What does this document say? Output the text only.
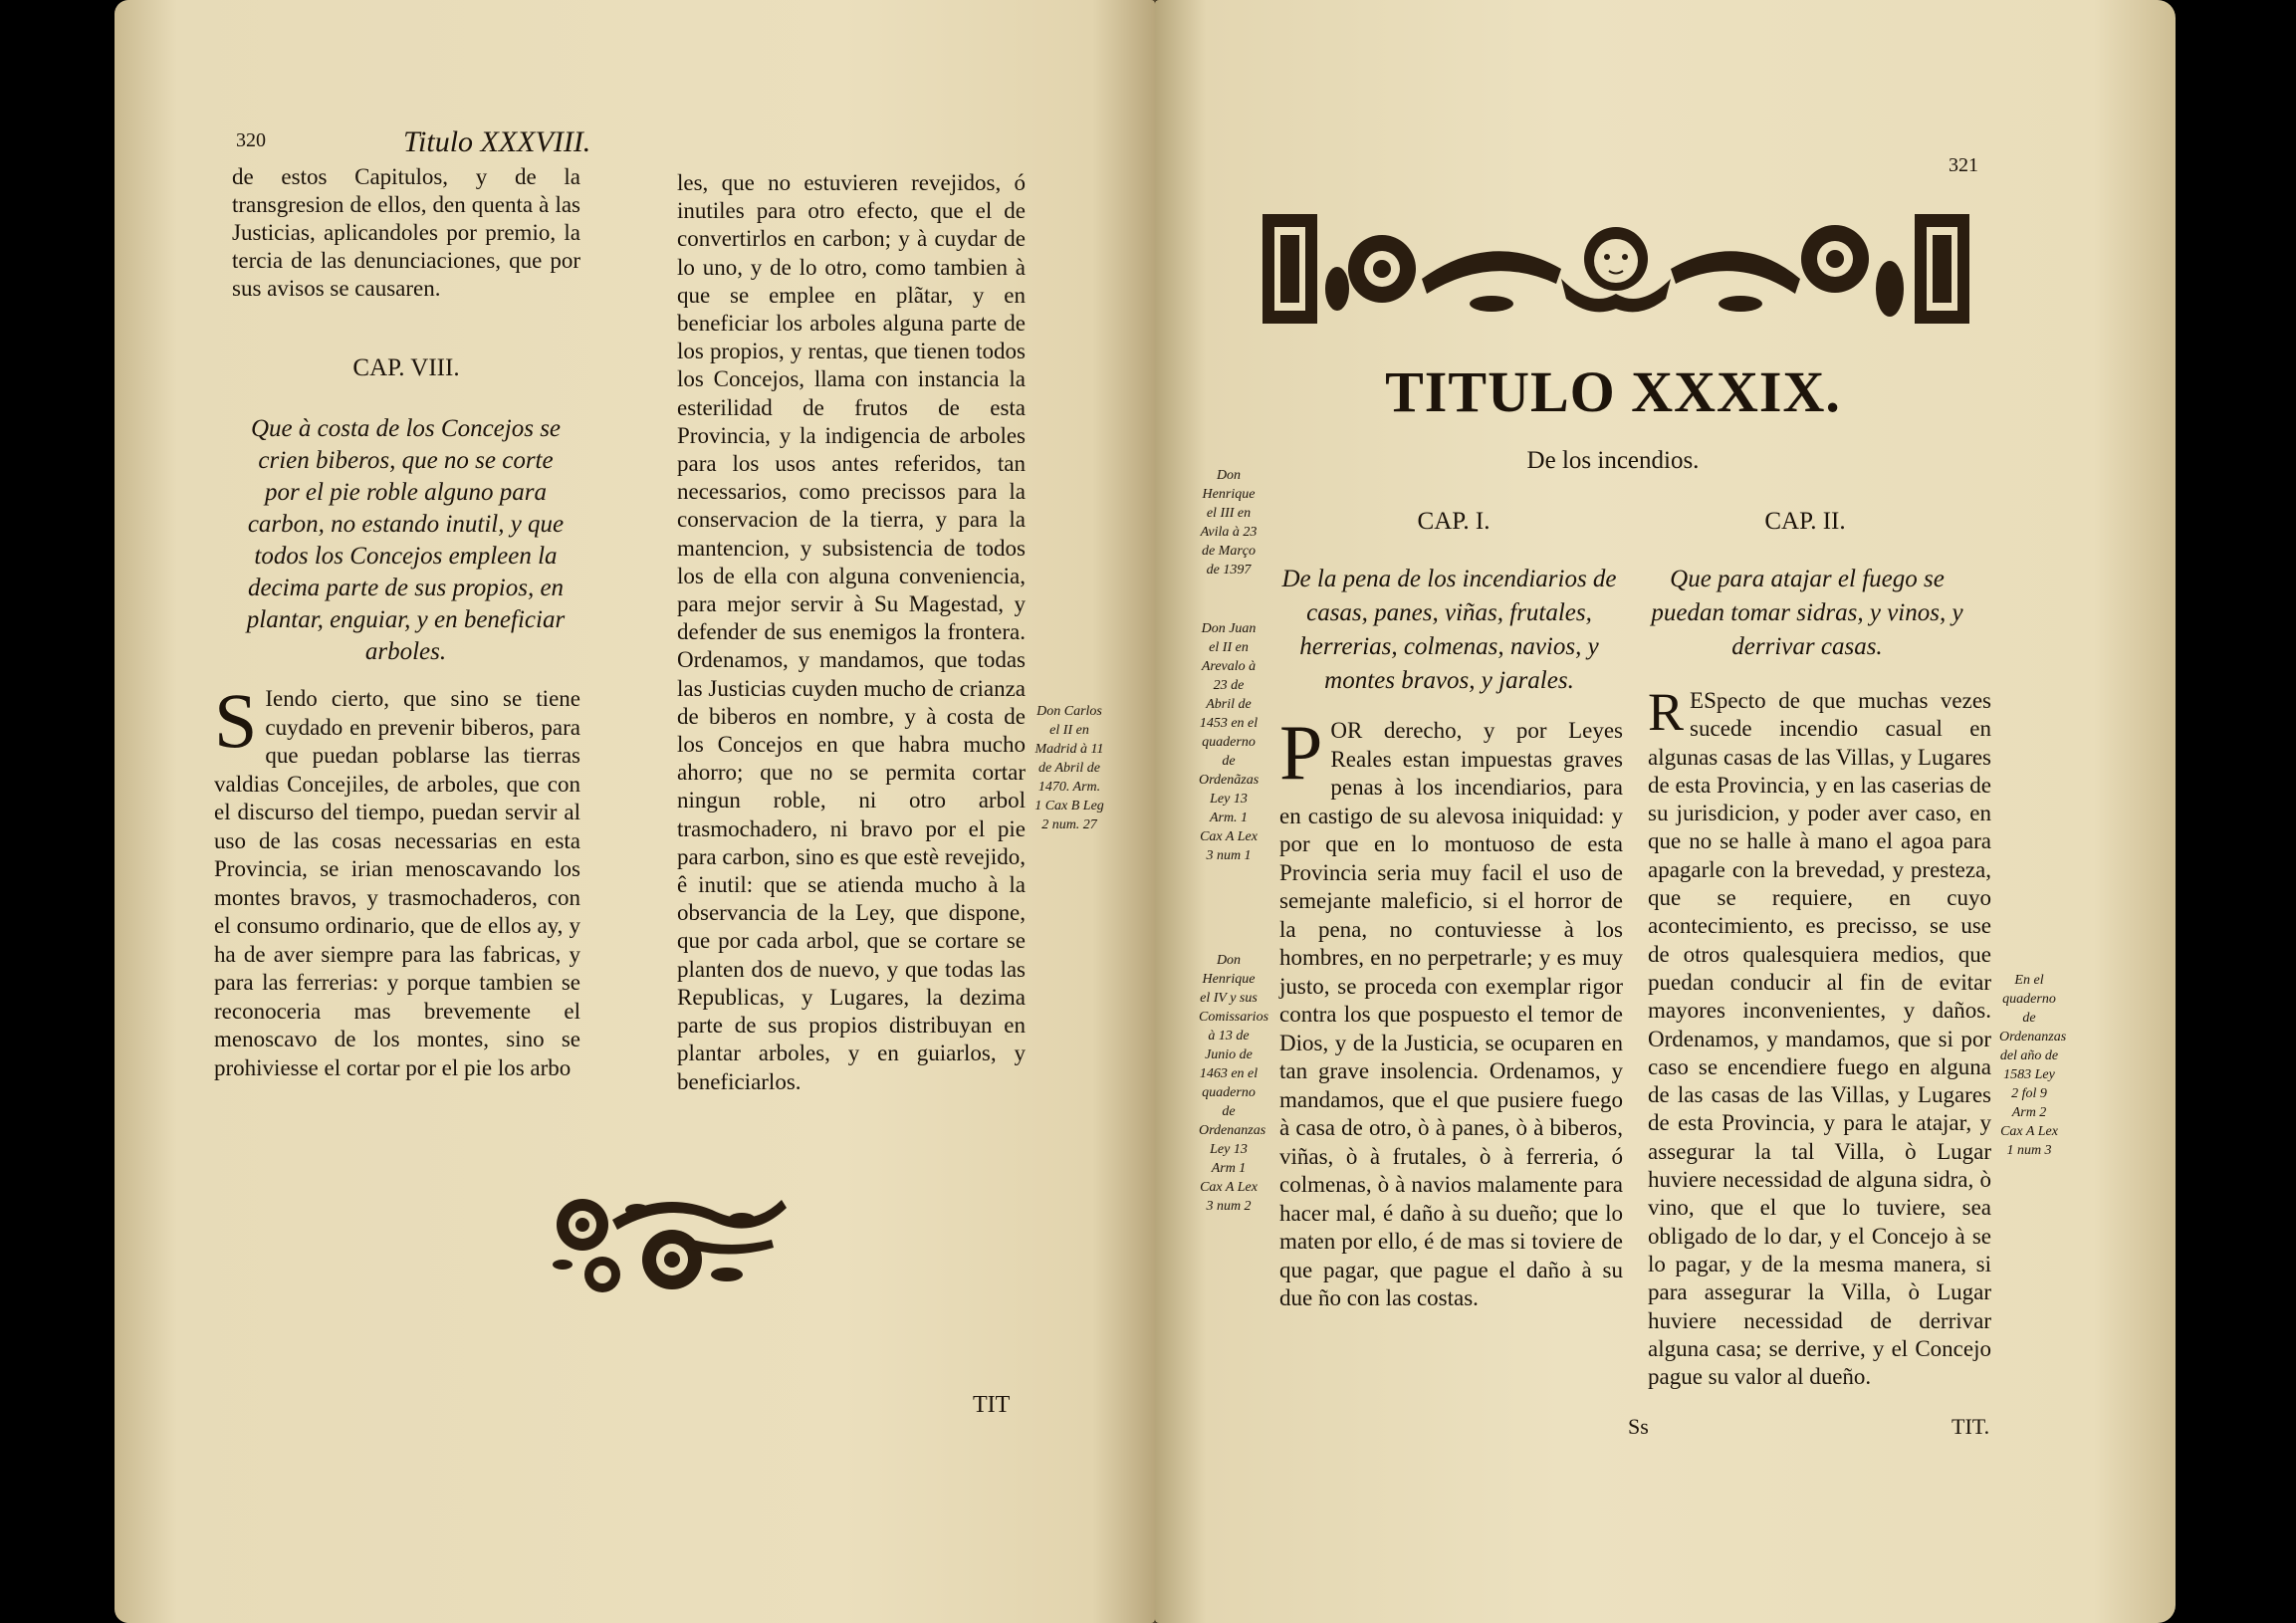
320	Titulo XXXVIII.
de estos Capitulos, y de la transgresion de ellos, den quenta à las Justicias, aplicandoles por premio, la tercia de las denunciaciones, que por sus avisos se causaren.
CAP. VIII.
Que à costa de los Concejos se crien biberos, que no se corte por el pie roble alguno para carbon, no estando inutil, y que todos los Concejos empleen la decima parte de sus propios, en plantar, enguiar, y en beneficiar arboles.
S Iendo cierto, que sino se tiene cuydado en prevenir biberos, para que puedan poblarse las tierras valdias Concejiles, de arboles, que con el discurso del tiempo, puedan servir al uso de las cosas necessarias en esta Provincia, se irian menoscavando los montes bravos, y trasmochaderos, con el consumo ordinario, que de ellos ay, y ha de aver siempre para las fabricas, y para las ferrerias: y porque tambien se reconoceria mas brevemente el menoscavo de los montes, sino se prohiviesse el cortar por el pie los arbo
les, que no estuvieren revejidos, ó inutiles para otro efecto, que el de convertirlos en carbon; y à cuydar de lo uno, y de lo otro, como tambien à que se emplee en plãtar, y en beneficiar los arboles alguna parte de los propios, y rentas, que tienen todos los Concejos, llama con instancia la esterilidad de frutos de esta Provincia, y la indigencia de arboles para los usos antes referidos, tan necessarios, como precissos para la conservacion de la tierra, y para la mantencion, y subsistencia de todos los de ella con alguna conveniencia, para mejor servir à Su Magestad, y defender de sus enemigos la frontera. Ordenamos, y mandamos, que todas las Justicias cuyden mucho de crianza de biberos en nombre, y à costa de los Concejos en que habra mucho ahorro; que no se permita cortar ningun roble, ni otro arbol trasmochadero, ni bravo por el pie para carbon, sino es que estè revejido, ê inutil: que se atienda mucho à la observancia de la Ley, que dispone, que por cada arbol, que se cortare se planten dos de nuevo, y que todas las Republicas, y Lugares, la dezima parte de sus propios distribuyan en plantar arboles, y en guiarlos, y beneficiarlos.
Don Carlos el II en Madrid à 11 de Abril de 1470. Arm. 1 Cax B Leg 2 num. 27
TIT
321
TITULO XXXIX.
De los incendios.
Don Henrique el III en Avila à 23 de Março de 1397
Don Juan el II en Arevalo à 23 de Abril de 1453 en el quaderno de Ordenãzas Ley 13 Arm. 1 Cax A Lex 3 num 1
Don Henrique el IV y sus Comissarios à 13 de Junio de 1463 en el quaderno de Ordenanzas Ley 13 Arm 1 Cax A Lex 3 num 2
CAP. I.
De la pena de los incendiarios de casas, panes, viñas, frutales, herrerias, colmenas, navios, y montes bravos, y jarales.
POR derecho, y por Leyes Reales estan impuestas graves penas à los incendiarios, para en castigo de su alevosa iniquidad: y por que en lo montuoso de esta Provincia seria muy facil el uso de semejante maleficio, si el horror de la pena, no contuviesse à los hombres, en no perpetrarle; y es muy justo, se proceda con exemplar rigor contra los que pospuesto el temor de Dios, y de la Justicia, se ocuparen en tan grave insolencia. Ordenamos, y mandamos, que el que pusiere fuego à casa de otro, ò à panes, ò à biberos, viñas, ò à frutales, ò à ferreria, ó colmenas, ò à navios malamente para hacer mal, é daño à su dueño; que lo maten por ello, é de mas si toviere de que pagar, que pague el daño à su due ño con las costas.
CAP. II.
Que para atajar el fuego se puedan tomar sidras, y vinos, y derrivar casas.
R ESpecto de que muchas vezes sucede incendio casual en algunas casas de las Villas, y Lugares de esta Provincia, y en las caserias de su jurisdicion, y poder aver caso, en que no se halle à mano el agoa para apagarle con la brevedad, y presteza, que se requiere, en cuyo acontecimiento, es precisso, se use de otros qualesquiera medios, que puedan conducir al fin de evitar mayores inconvenientes, y daños. Ordenamos, y mandamos, que si por caso se encendiere fuego en alguna de las casas de las Villas, y Lugares de esta Provincia, y para le atajar, y assegurar la tal Villa, ò Lugar huviere necessidad de alguna sidra, ò vino, que el que lo tuviere, sea obligado de lo dar, y el Concejo à se lo pagar, y de la mesma manera, si para assegurar la Villa, ò Lugar huviere necessidad de derrivar alguna casa; se derrive, y el Concejo pague su valor al dueño.
En el quaderno de Ordenanzas del año de 1583 Ley 2 fol 9 Arm 2 Cax A Lex 1 num 3
Ss	TIT.
